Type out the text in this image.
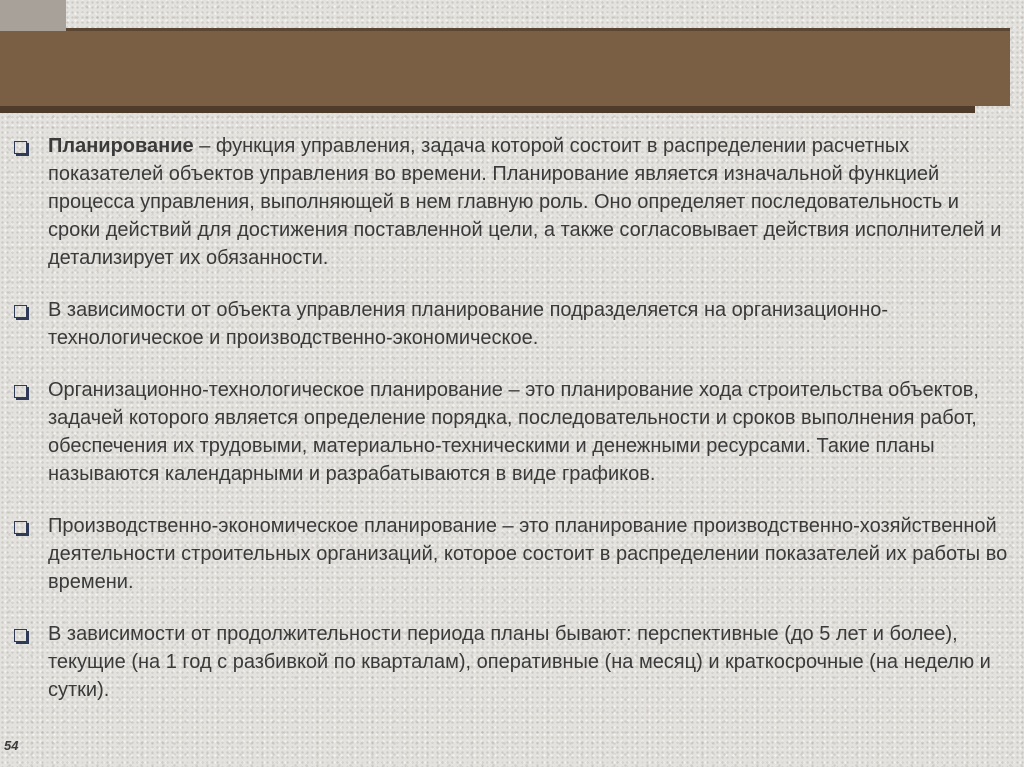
Планирование – функция управления, задача которой состоит в распределении расчетных показателей объектов управления во времени. Планирование является изначальной функцией процесса управления, выполняющей в нем главную роль. Оно определяет последовательность и сроки действий для достижения поставленной цели, а также согласовывает действия исполнителей и детализирует их обязанности.
В зависимости от объекта управления планирование подразделяется на организационно-технологическое и производственно-экономическое.
Организационно-технологическое планирование – это планирование хода строительства объектов, задачей которого является определение порядка, последовательности и сроков выполнения работ, обеспечения их трудовыми, материально-техническими и денежными ресурсами. Такие планы называются календарными и разрабатываются в виде графиков.
Производственно-экономическое планирование – это планирование производственно-хозяйственной деятельности строительных организаций, которое состоит в распределении показателей их работы во времени.
В зависимости от продолжительности периода планы бывают: перспективные (до 5 лет и более), текущие (на 1 год с разбивкой по кварталам), оперативные (на месяц) и краткосрочные (на неделю и сутки).
54
